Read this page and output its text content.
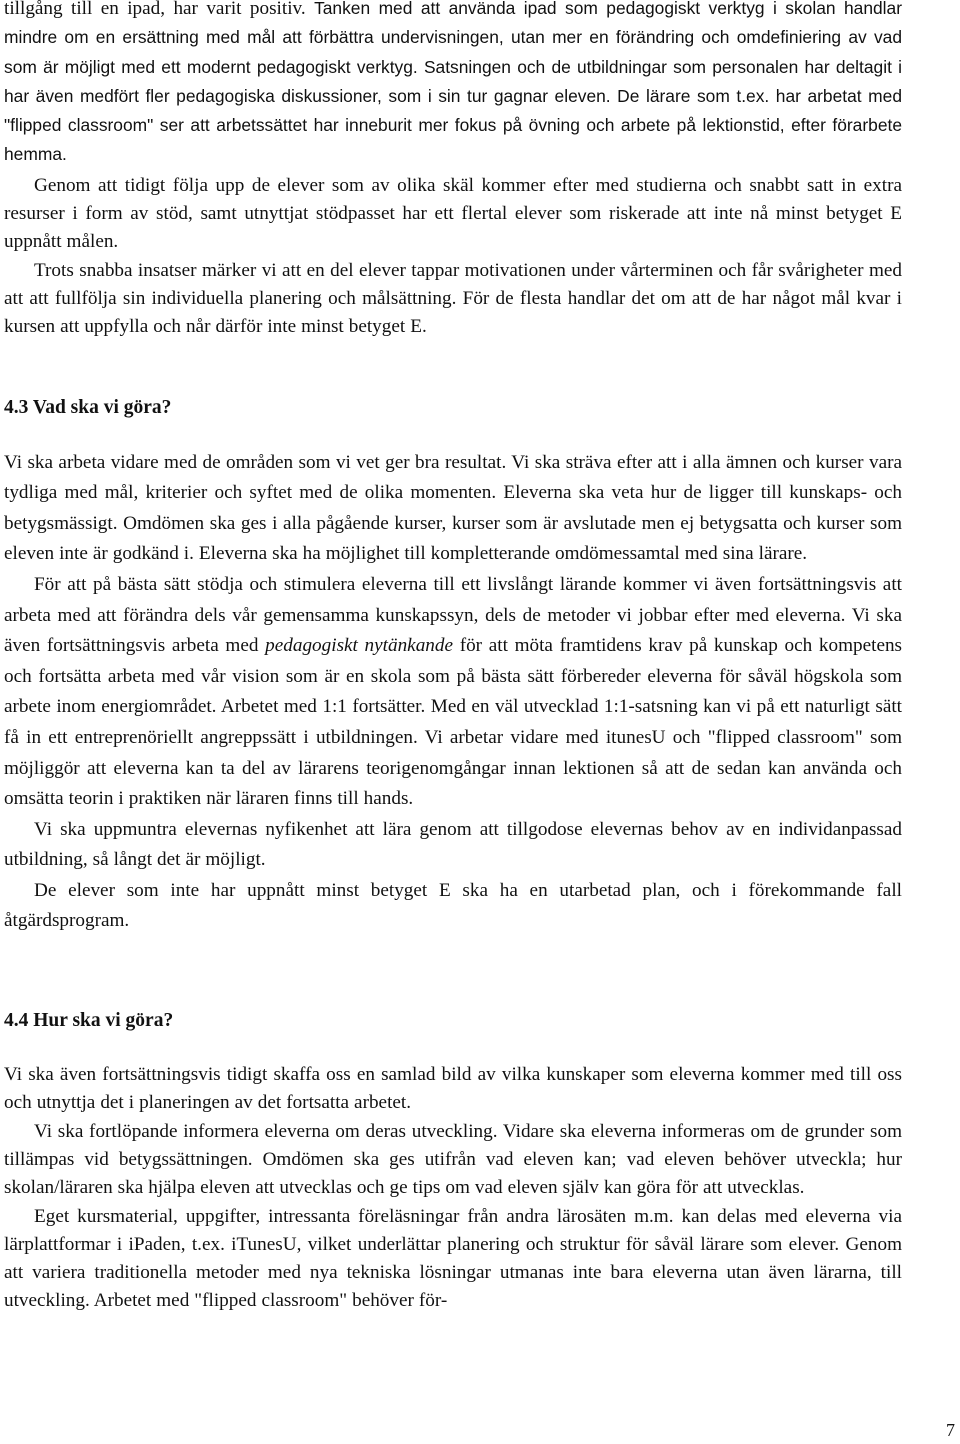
tillgång till en ipad, har varit positiv. Tanken med att använda ipad som pedagogiskt verktyg i skolan handlar mindre om en ersättning med mål att förbättra undervisningen, utan mer en förändring och omdefiniering av vad som är möjligt med ett modernt pedagogiskt verktyg. Satsningen och de utbildningar som personalen har deltagit i har även medfört fler pedagogiska diskussioner, som i sin tur gagnar eleven. De lärare som t.ex. har arbetat med "flipped classroom" ser att arbetssättet har inneburit mer fokus på övning och arbete på lektionstid, efter förarbete hemma.

Genom att tidigt följa upp de elever som av olika skäl kommer efter med studierna och snabbt satt in extra resurser i form av stöd, samt utnyttjat stödpasset har ett flertal elever som riskerade att inte nå minst betyget E uppnått målen.

Trots snabba insatser märker vi att en del elever tappar motivationen under vårterminen och får svårigheter med att att fullfölja sin individuella planering och målsättning. För de flesta handlar det om att de har något mål kvar i kursen att uppfylla och når därför inte minst betyget E.

4.3 Vad ska vi göra?

Vi ska arbeta vidare med de områden som vi vet ger bra resultat. Vi ska sträva efter att i alla ämnen och kurser vara tydliga med mål, kriterier och syftet med de olika momenten. Eleverna ska veta hur de ligger till kunskaps- och betygsmässigt. Omdömen ska ges i alla pågående kurser, kurser som är avslutade men ej betygsatta och kurser som eleven inte är godkänd i. Eleverna ska ha möjlighet till kompletterande omdömessamtal med sina lärare.

För att på bästa sätt stödja och stimulera eleverna till ett livslångt lärande kommer vi även fortsättningsvis att arbeta med att förändra dels vår gemensamma kunskapssyn, dels de metoder vi jobbar efter med eleverna. Vi ska även fortsättningsvis arbeta med pedagogiskt nytänkande för att möta framtidens krav på kunskap och kompetens och fortsätta arbeta med vår vision som är en skola som på bästa sätt förbereder eleverna för såväl högskola som arbete inom energiområdet. Arbetet med 1:1 fortsätter. Med en väl utvecklad 1:1-satsning kan vi på ett naturligt sätt få in ett entreprenöriellt angreppssätt i utbildningen. Vi arbetar vidare med itunesU och "flipped classroom" som möjliggör att eleverna kan ta del av lärarens teorigenomgångar innan lektionen så att de sedan kan använda och omsätta teorin i praktiken när läraren finns till hands.

Vi ska uppmuntra elevernas nyfikenhet att lära genom att tillgodose elevernas behov av en individanpassad utbildning, så långt det är möjligt.

De elever som inte har uppnått minst betyget E ska ha en utarbetad plan, och i förekommande fall åtgärdsprogram.

4.4 Hur ska vi göra?

Vi ska även fortsättningsvis tidigt skaffa oss en samlad bild av vilka kunskaper som eleverna kommer med till oss och utnyttja det i planeringen av det fortsatta arbetet.

Vi ska fortlöpande informera eleverna om deras utveckling. Vidare ska eleverna informeras om de grunder som tillämpas vid betygssättningen. Omdömen ska ges utifrån vad eleven kan; vad eleven behöver utveckla; hur skolan/läraren ska hjälpa eleven att utvecklas och ge tips om vad eleven själv kan göra för att utvecklas.

Eget kursmaterial, uppgifter, intressanta föreläsningar från andra lärosäten m.m. kan delas med eleverna via lärplattformar i iPaden, t.ex. iTunesU, vilket underlättar planering och struktur för såväl lärare som elever. Genom att variera traditionella metoder med nya tekniska lösningar utmanas inte bara eleverna utan även lärarna, till utveckling. Arbetet med "flipped classroom" behöver för-

7
